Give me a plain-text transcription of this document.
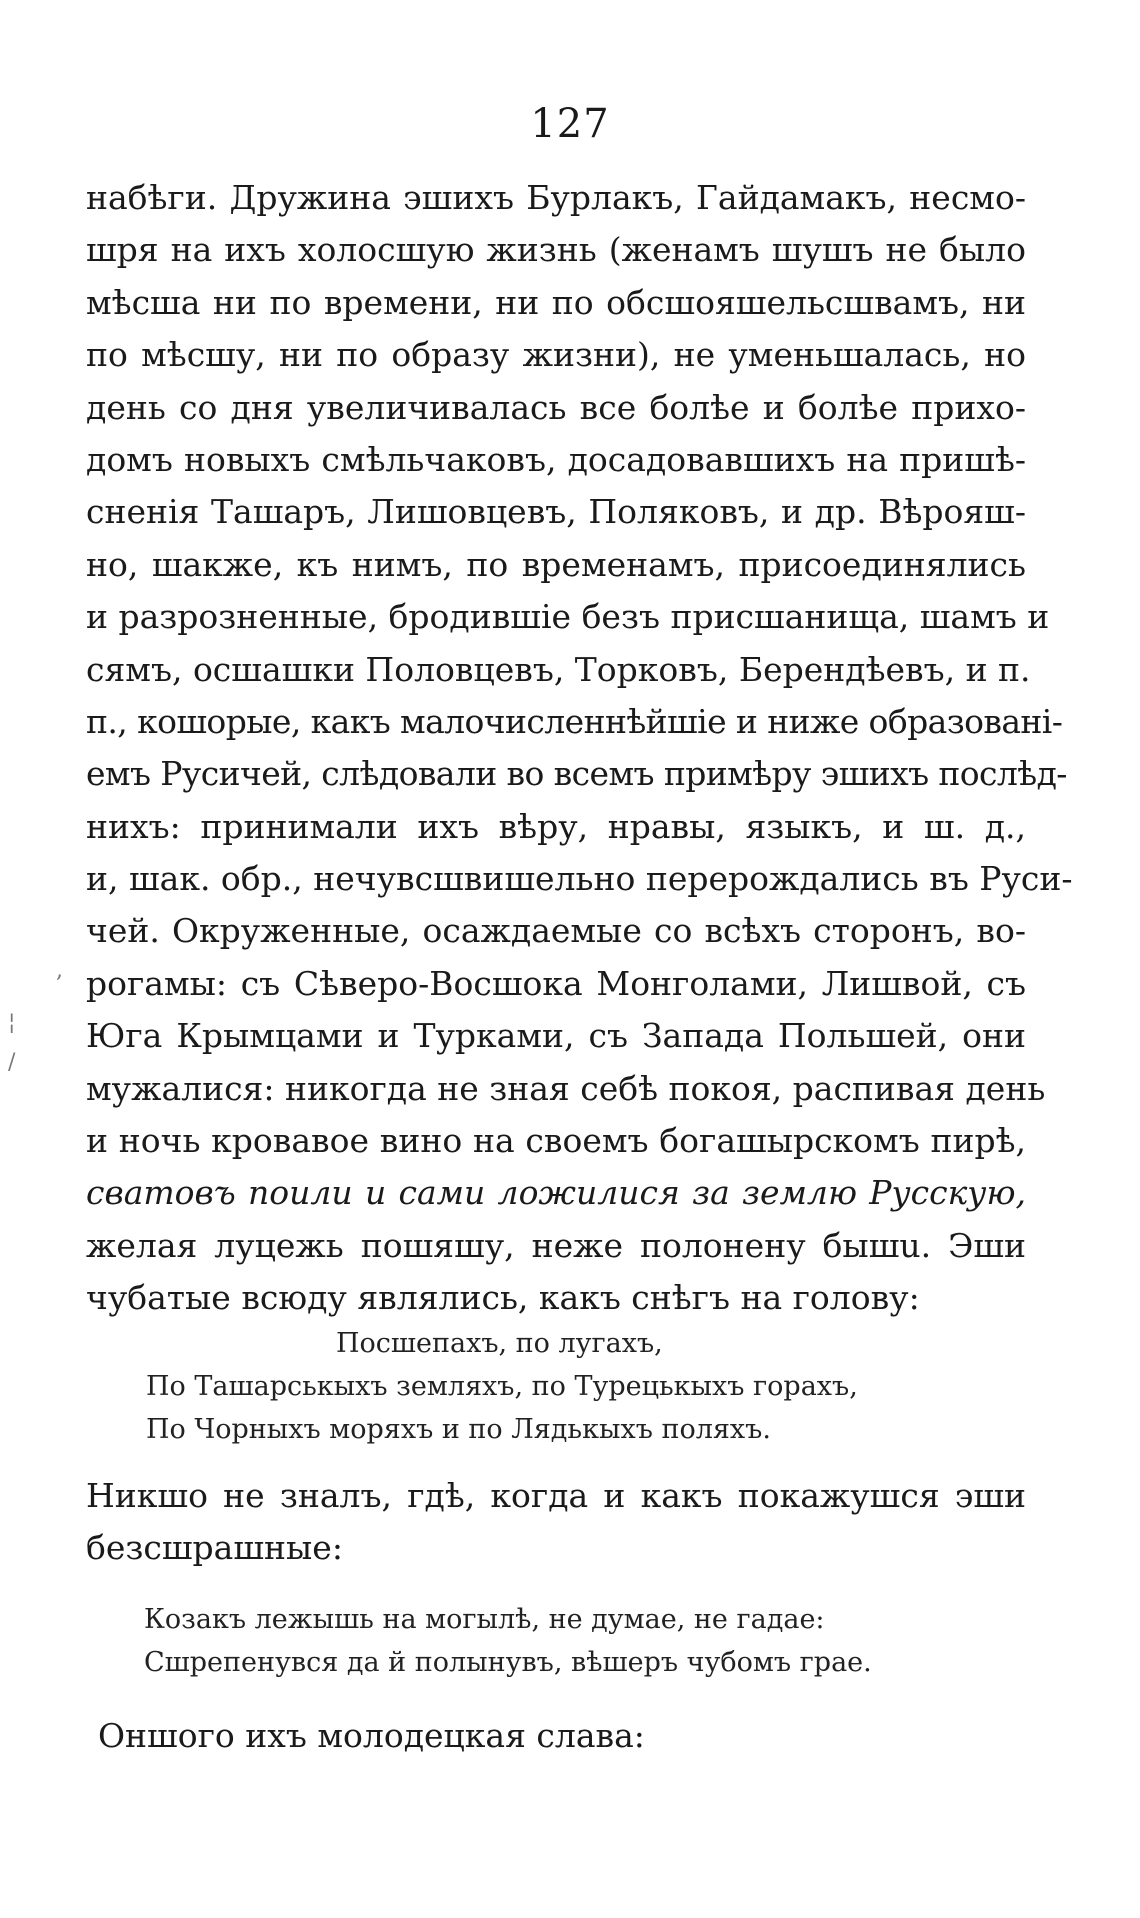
127
набѣги. Дружина эшихъ Бурлакъ, Гайдамакъ, несмо-
шря на ихъ холосшую жизнь (женамъ шушъ не было
мѣсша ни по времени, ни по обсшояшельсшвамъ, ни
по мѣсшу, ни по образу жизни), не уменьшалась, но
день со дня увеличивалась все болѣе и болѣе прихо-
домъ новыхъ смѣльчаковъ, досадовавшихъ на пришѣ-
сненія Ташаръ, Лишовцевъ, Поляковъ, и др. Вѣрояш-
но, шакже, къ нимъ, по временамъ, присоединялись
и разрозненные, бродившіе безъ присшанища, шамъ и
сямъ, осшашки Половцевъ, Торковъ, Берендѣевъ, и п.
п., кошорые, какъ малочисленнѣйшіе и ниже образовані-
емъ Русичей, слѣдовали во всемъ примѣру эшихъ послѣд-
нихъ: принимали ихъ вѣру, нравы, языкъ, и ш. д.,
и, шак. обр., нечувсшвишельно перерождались въ Руси-
чей. Окруженные, осаждаемые со всѣхъ сторонъ, во-
рогамы: съ Сѣверо-Восшока Монголами, Лишвой, съ
Юга Крымцами и Турками, съ Запада Польшей, они
мужалися: никогда не зная себѣ покоя, распивая день
и ночь кровавое вино на своемъ богашырскомъ пирѣ,
сватовъ поили и сами ложилися за землю Русскую,
желая луцежь пошяшу, неже полонену бышu. Эши
чубатые всюду являлись, какъ снѣгъ на голову:
Посшепахъ, по лугахъ,
По Ташарськыхъ земляхъ, по Турецькыхъ горахъ,
По Чорныхъ моряхъ и по Лядькыхъ поляхъ.
Никшо не зналъ, гдѣ, когда и какъ покажушся эши
безсшрашные:
Козакъ лежышь на могылѣ, не думае, не гадае:
Сшрепенувся да й полынувъ, вѣшеръ чубомъ грае.
Оншого ихъ молодецкая слава:
,
¦
/
